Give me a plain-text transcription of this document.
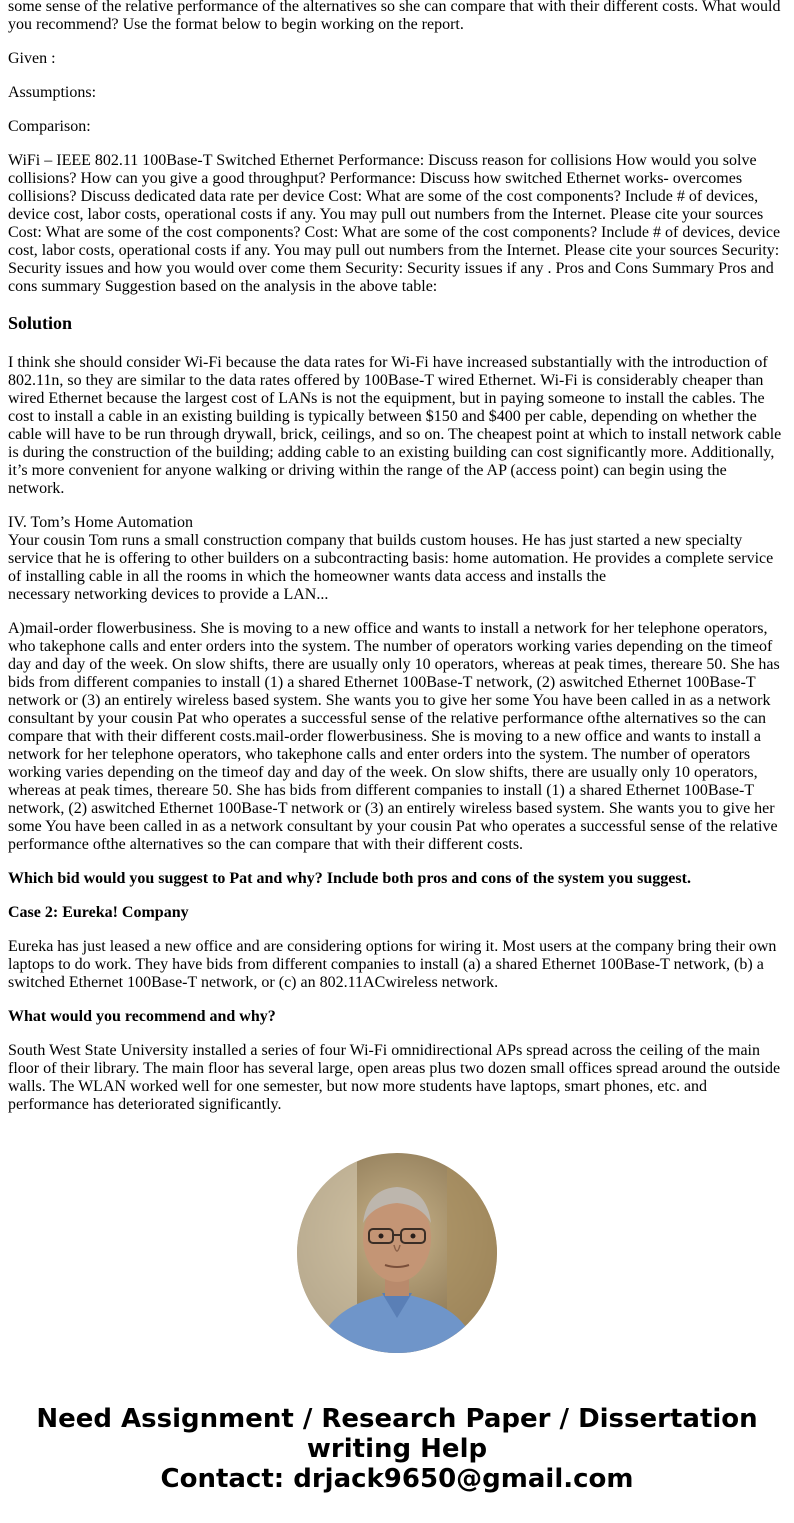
some sense of the relative performance of the alternatives so she can compare that with their different costs. What would you recommend? Use the format below to begin working on the report.

Given :

Assumptions:

Comparison:

WiFi – IEEE 802.11 100Base-T Switched Ethernet Performance: Discuss reason for collisions How would you solve collisions? How can you give a good throughput? Performance: Discuss how switched Ethernet works- overcomes collisions? Discuss dedicated data rate per device Cost: What are some of the cost components? Include # of devices, device cost, labor costs, operational costs if any. You may pull out numbers from the Internet. Please cite your sources Cost: What are some of the cost components? Cost: What are some of the cost components? Include # of devices, device cost, labor costs, operational costs if any. You may pull out numbers from the Internet. Please cite your sources Security: Security issues and how you would over come them Security: Security issues if any . Pros and Cons Summary Pros and cons summary Suggestion based on the analysis in the above table:

Solution

I think she should consider Wi-Fi because the data rates for Wi-Fi have increased substantially with the introduction of 802.11n, so they are similar to the data rates offered by 100Base-T wired Ethernet. Wi-Fi is considerably cheaper than wired Ethernet because the largest cost of LANs is not the equipment, but in paying someone to install the cables. The cost to install a cable in an existing building is typically between $150 and $400 per cable, depending on whether the cable will have to be run through drywall, brick, ceilings, and so on. The cheapest point at which to install network cable is during the construction of the building; adding cable to an existing building can cost significantly more. Additionally, it’s more convenient for anyone walking or driving within the range of the AP (access point) can begin using the network.

IV. Tom’s Home Automation
Your cousin Tom runs a small construction company that builds custom houses. He has just started a new specialty service that he is offering to other builders on a subcontracting basis: home automation. He provides a complete service of installing cable in all the rooms in which the homeowner wants data access and installs the
necessary networking devices to provide a LAN...

A)mail-order flowerbusiness. She is moving to a new office and wants to install a network for her telephone operators, who takephone calls and enter orders into the system. The number of operators working varies depending on the timeof day and day of the week. On slow shifts, there are usually only 10 operators, whereas at peak times, thereare 50. She has bids from different companies to install (1) a shared Ethernet 100Base-T network, (2) aswitched Ethernet 100Base-T network or (3) an entirely wireless based system. She wants you to give her some You have been called in as a network consultant by your cousin Pat who operates a successful sense of the relative performance ofthe alternatives so the can compare that with their different costs.mail-order flowerbusiness. She is moving to a new office and wants to install a network for her telephone operators, who takephone calls and enter orders into the system. The number of operators working varies depending on the timeof day and day of the week. On slow shifts, there are usually only 10 operators, whereas at peak times, thereare 50. She has bids from different companies to install (1) a shared Ethernet 100Base-T network, (2) aswitched Ethernet 100Base-T network or (3) an entirely wireless based system. She wants you to give her some You have been called in as a network consultant by your cousin Pat who operates a successful sense of the relative performance ofthe alternatives so the can compare that with their different costs.

Which bid would you suggest to Pat and why? Include both pros and cons of the system you suggest.

Case 2: Eureka! Company

Eureka has just leased a new office and are considering options for wiring it. Most users at the company bring their own laptops to do work. They have bids from different companies to install (a) a shared Ethernet 100Base-T network, (b) a switched Ethernet 100Base-T network, or (c) an 802.11ACwireless network.

What would you recommend and why?

South West State University installed a series of four Wi-Fi omnidirectional APs spread across the ceiling of the main floor of their library. The main floor has several large, open areas plus two dozen small offices spread around the outside walls. The WLAN worked well for one semester, but now more students have laptops, smart phones, etc. and performance has deteriorated significantly.

Need Assignment / Research Paper / Dissertation writing Help
Contact: drjack9650@gmail.com
